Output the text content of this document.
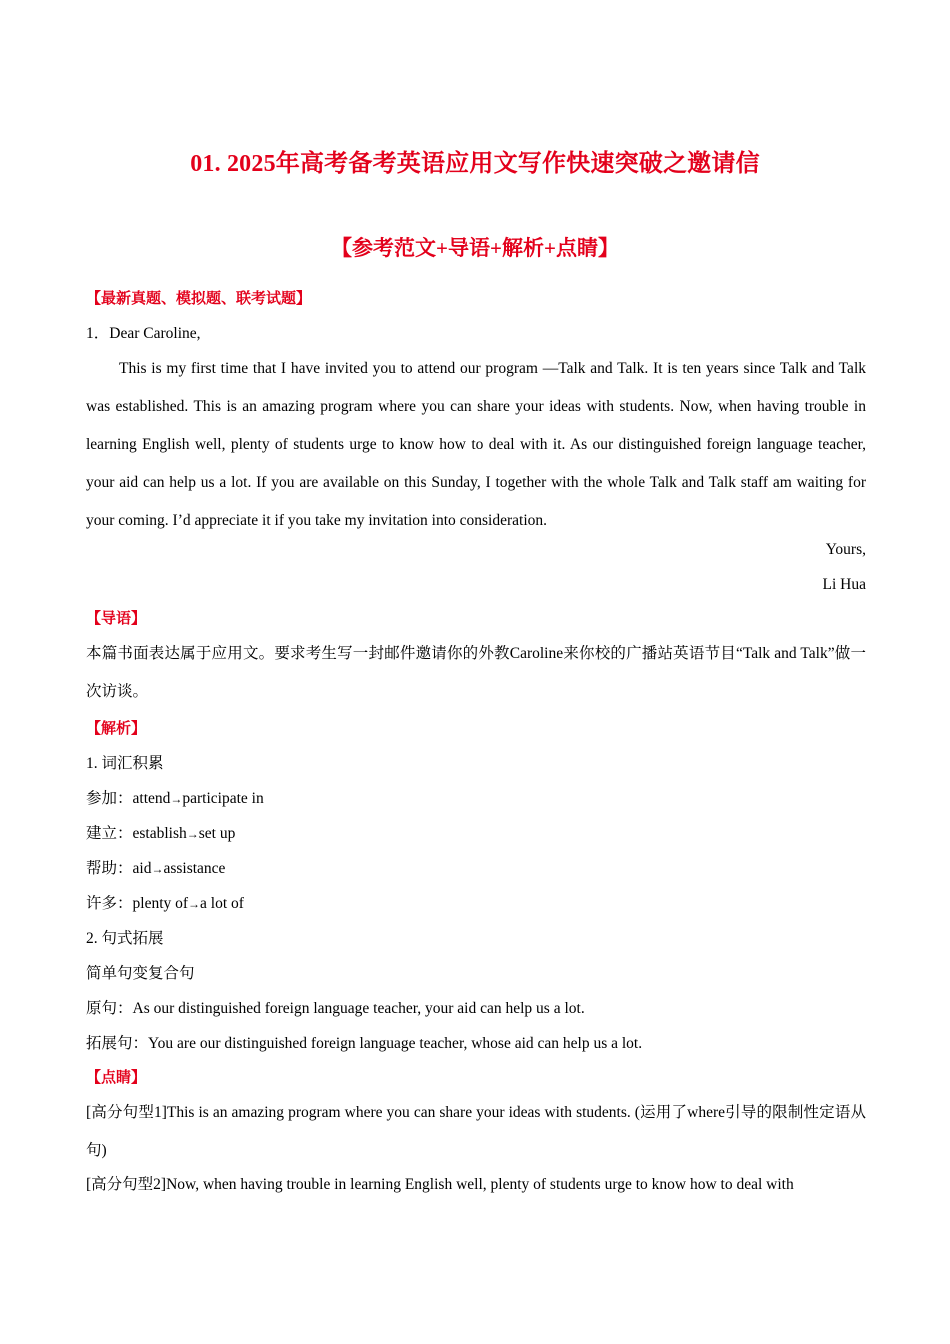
01. 2025年高考备考英语应用文写作快速突破之邀请信
【参考范文+导语+解析+点睛】
【最新真题、模拟题、联考试题】
1．Dear Caroline,
This is my first time that I have invited you to attend our program —Talk and Talk. It is ten years since Talk and Talk was established. This is an amazing program where you can share your ideas with students. Now, when having trouble in learning English well, plenty of students urge to know how to deal with it. As our distinguished foreign language teacher, your aid can help us a lot. If you are available on this Sunday, I together with the whole Talk and Talk staff am waiting for your coming. I’d appreciate it if you take my invitation into consideration.
Yours,
Li Hua
【导语】
本篇书面表达属于应用文。要求考生写一封邮件邀请你的外教Caroline来你校的广播站英语节目“Talk and Talk”做一次访谈。
【解析】
1. 词汇积累
参加：attend→participate in
建立：establish→set up
帮助：aid→assistance
许多：plenty of→a lot of
2. 句式拓展
简单句变复合句
原句：As our distinguished foreign language teacher, your aid can help us a lot.
拓展句：You are our distinguished foreign language teacher, whose aid can help us a lot.
【点睛】
[高分句型1]This is an amazing program where you can share your ideas with students. (运用了where引导的限制性定语从句)
[高分句型2]Now, when having trouble in learning English well, plenty of students urge to know how to deal with
